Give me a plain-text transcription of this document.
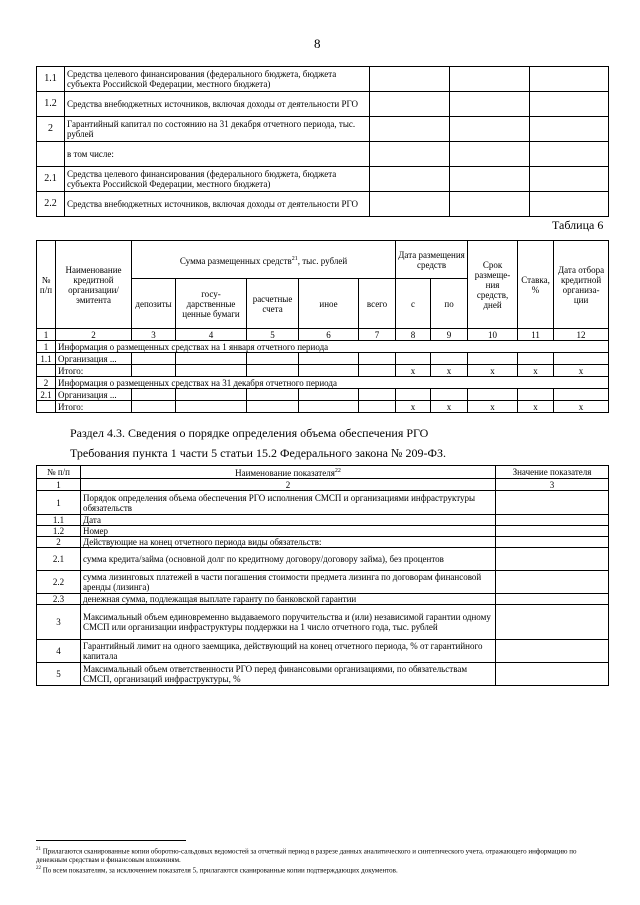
8
1.1	Средства целевого финансирования (федерального бюджета, бюджета субъекта Российской Федерации, местного бюджета)			
1.2	Средства внебюджетных источников, включая доходы от деятельности РГО			
2	Гарантийный капитал по состоянию на 31 декабря отчетного периода, тыс. рублей			
	в том числе:			
2.1	Средства целевого финансирования (федерального бюджета, бюджета субъекта Российской Федерации, местного бюджета)			
2.2	Средства внебюджетных источников, включая доходы от деятельности РГО			
Таблица 6
№ п/п	Наименование кредитной организации/ эмитента	Сумма размещенных средств$^{21}$, тыс. рублей					Дата размещения средств		Срок размеще-ния средств, дней	Ставка, %	Дата отбора кредитной организа-ции
		депозиты	госу-дарственные ценные бумаги	расчетные счета	иное	всего	с	по			
1	2	3	4	5	6	7	8	9	10	11	12
1	Информация о размещенных средствах на 1 января отчетного периода										
1.1	Организация ...										
	Итого:						x	x	x	x	x
2	Информация о размещенных средствах на 31 декабря отчетного периода										
2.1	Организация ...										
	Итого:						x	x	x	x	x
Раздел 4.3. Сведения о порядке определения объема обеспечения РГО
Требования пункта 1 части 5 статьи 15.2 Федерального закона № 209-ФЗ.
№ п/п	Наименование показателя$^{22}$	Значение показателя
1	2	3
1	Порядок определения объема обеспечения РГО исполнения СМСП и организациями инфраструктуры обязательств	
1.1	Дата	
1.2	Номер	
2	Действующие на конец отчетного периода виды обязательств:	
2.1	сумма кредита/займа (основной долг по кредитному договору/договору займа), без процентов	
2.2	сумма лизинговых платежей в части погашения стоимости предмета лизинга по договорам финансовой аренды (лизинга)	
2.3	денежная сумма, подлежащая выплате гаранту по банковской гарантии	
3	Максимальный объем единовременно выдаваемого поручительства и (или) независимой гарантии одному СМСП или организации инфраструктуры поддержки на 1 число отчетного года, тыс. рублей	
4	Гарантийный лимит на одного заемщика, действующий на конец отчетного периода, % от гарантийного капитала	
5	Максимальный объем ответственности РГО перед финансовыми организациями, по обязательствам СМСП, организаций инфраструктуры, %	
$^{21}$ Прилагаются сканированные копии оборотно-сальдовых ведомостей за отчетный период в разрезе данных аналитического и синтетического учета, отражающего информацию по денежным средствам и финансовым вложениям.
$^{22}$ По всем показателям, за исключением показателя 5, прилагаются сканированные копии подтверждающих документов.
